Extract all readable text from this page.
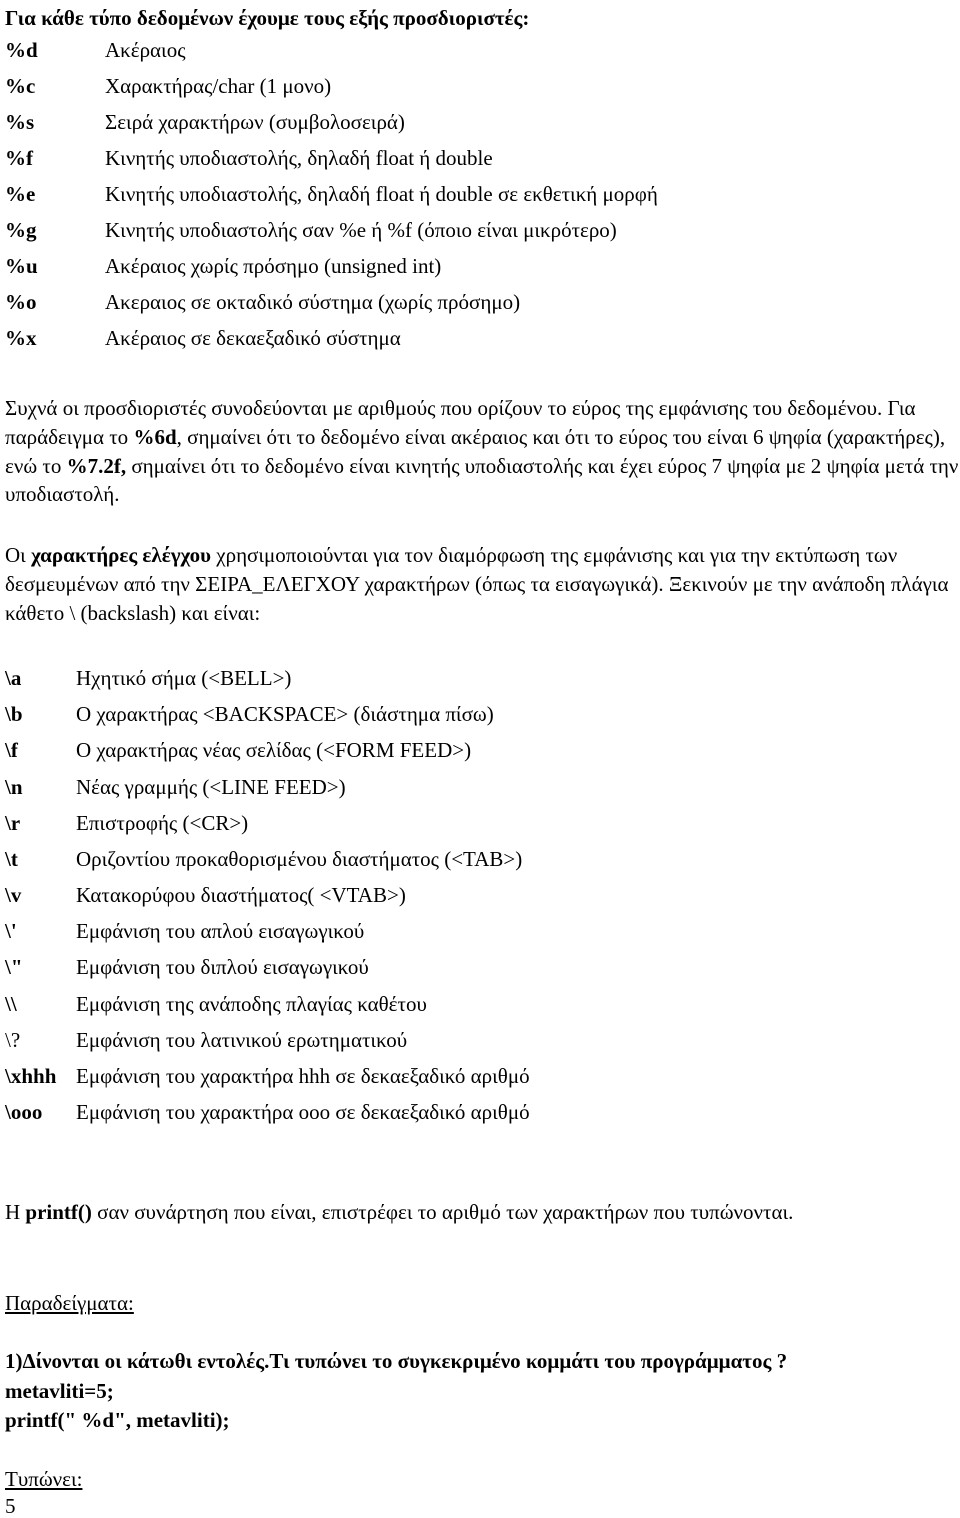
Για κάθε τύπο δεδομένων έχουμε τους εξής προσδιοριστές:
%d	Ακέραιος
%c	Χαρακτήρας/char (1 μονο)
%s	Σειρά χαρακτήρων (συμβολοσειρά)
%f	Κινητής υποδιαστολής, δηλαδή float ή double
%e	Κινητής υποδιαστολής, δηλαδή float ή double σε εκθετική μορφή
%g	Κινητής υποδιαστολής σαν %e ή %f (όποιο είναι μικρότερο)
%u	Ακέραιος χωρίς πρόσημο (unsigned int)
%o	Ακεραιος σε οκταδικό σύστημα (χωρίς πρόσημο)
%x	Ακέραιος σε δεκαεξαδικό σύστημα
Συχνά οι προσδιοριστές συνοδεύονται με αριθμούς που ορίζουν το εύρος της εμφάνισης του δεδομένου. Για παράδειγμα το %6d, σημαίνει ότι το δεδομένο είναι ακέραιος και ότι το εύρος του είναι 6 ψηφία (χαρακτήρες), ενώ το %7.2f, σημαίνει ότι το δεδομένο είναι κινητής υποδιαστολής και έχει εύρος 7 ψηφία με 2 ψηφία μετά την υποδιαστολή.
Οι χαρακτήρες ελέγχου χρησιμοποιούνται για τον διαμόρφωση της εμφάνισης και για την εκτύπωση των δεσμευμένων από την ΣΕΙΡΑ_ΕΛΕΓΧΟΥ χαρακτήρων (όπως τα εισαγωγικά). Ξεκινούν με την ανάποδη πλάγια κάθετο \ (backslash) και είναι:
\a	Ηχητικό σήμα (<BELL>)
\b	Ο χαρακτήρας <BACKSPACE> (διάστημα πίσω)
\f	Ο χαρακτήρας νέας σελίδας (<FORM FEED>)
\n	Νέας γραμμής (<LINE FEED>)
\r	Επιστροφής (<CR>)
\t	Οριζοντίου προκαθορισμένου διαστήματος (<TAB>)
\v	Κατακορύφου διαστήματος( <VTAB>)
\'	Εμφάνιση του απλού εισαγωγικού
\"	Εμφάνιση του διπλού εισαγωγικού
\\	Εμφάνιση της ανάποδης πλαγίας καθέτου
\?	Εμφάνιση του λατινικού ερωτηματικού
\xhhh Εμφάνιση του χαρακτήρα hhh σε δεκαεξαδικό αριθμό
\ooo Εμφάνιση του χαρακτήρα ooo σε δεκαεξαδικό αριθμό
Η printf() σαν συνάρτηση που είναι, επιστρέφει το αριθμό των χαρακτήρων που τυπώνονται.
Παραδείγματα:
1)Δίνονται οι κάτωθι εντολές.Τι τυπώνει το συγκεκριμένο κομμάτι του προγράμματος ?
metavliti=5;
printf(" %d", metavliti);
Τυπώνει:
5
